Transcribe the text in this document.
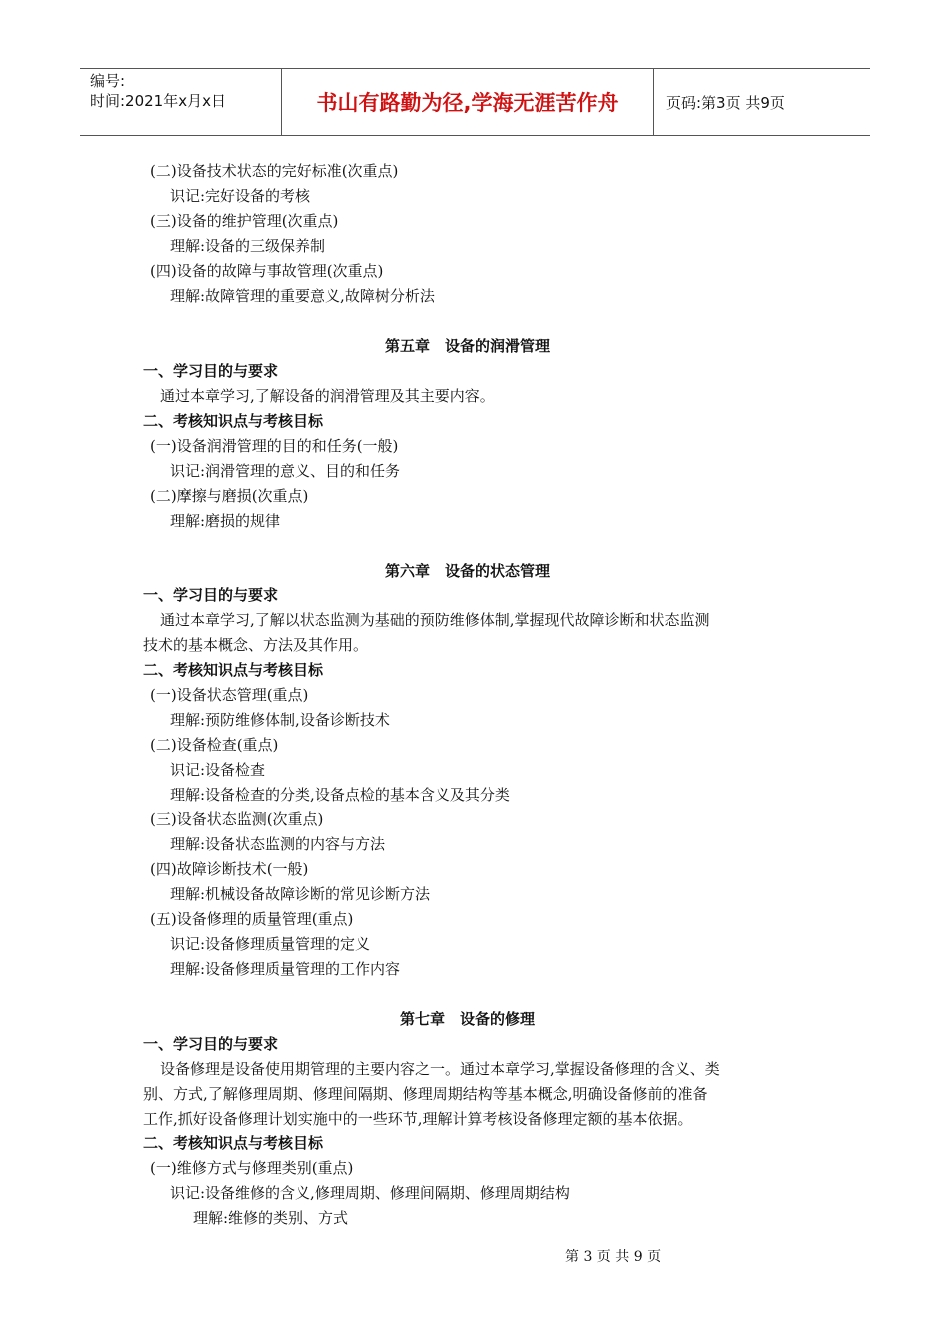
编号:
时间:2021年x月x日	书山有路勤为径,学海无涯苦作舟	页码:第3页 共9页
(二)设备技术状态的完好标准(次重点)
识记:完好设备的考核
(三)设备的维护管理(次重点)
理解:设备的三级保养制
(四)设备的故障与事故管理(次重点)
理解:故障管理的重要意义,故障树分析法
第五章　设备的润滑管理
一、学习目的与要求
通过本章学习,了解设备的润滑管理及其主要内容。
二、考核知识点与考核目标
(一)设备润滑管理的目的和任务(一般)
识记:润滑管理的意义、目的和任务
(二)摩擦与磨损(次重点)
理解:磨损的规律
第六章　设备的状态管理
一、学习目的与要求
通过本章学习,了解以状态监测为基础的预防维修体制,掌握现代故障诊断和状态监测
技术的基本概念、方法及其作用。
二、考核知识点与考核目标
(一)设备状态管理(重点)
理解:预防维修体制,设备诊断技术
(二)设备检查(重点)
识记:设备检查
理解:设备检查的分类,设备点检的基本含义及其分类
(三)设备状态监测(次重点)
理解:设备状态监测的内容与方法
(四)故障诊断技术(一般)
理解:机械设备故障诊断的常见诊断方法
(五)设备修理的质量管理(重点)
识记:设备修理质量管理的定义
理解:设备修理质量管理的工作内容
第七章　设备的修理
一、学习目的与要求
设备修理是设备使用期管理的主要内容之一。通过本章学习,掌握设备修理的含义、类
别、方式,了解修理周期、修理间隔期、修理周期结构等基本概念,明确设备修前的准备
工作,抓好设备修理计划实施中的一些环节,理解计算考核设备修理定额的基本依据。
二、考核知识点与考核目标
(一)维修方式与修理类别(重点)
识记:设备维修的含义,修理周期、修理间隔期、修理周期结构
理解:维修的类别、方式
第 3 页 共 9 页
